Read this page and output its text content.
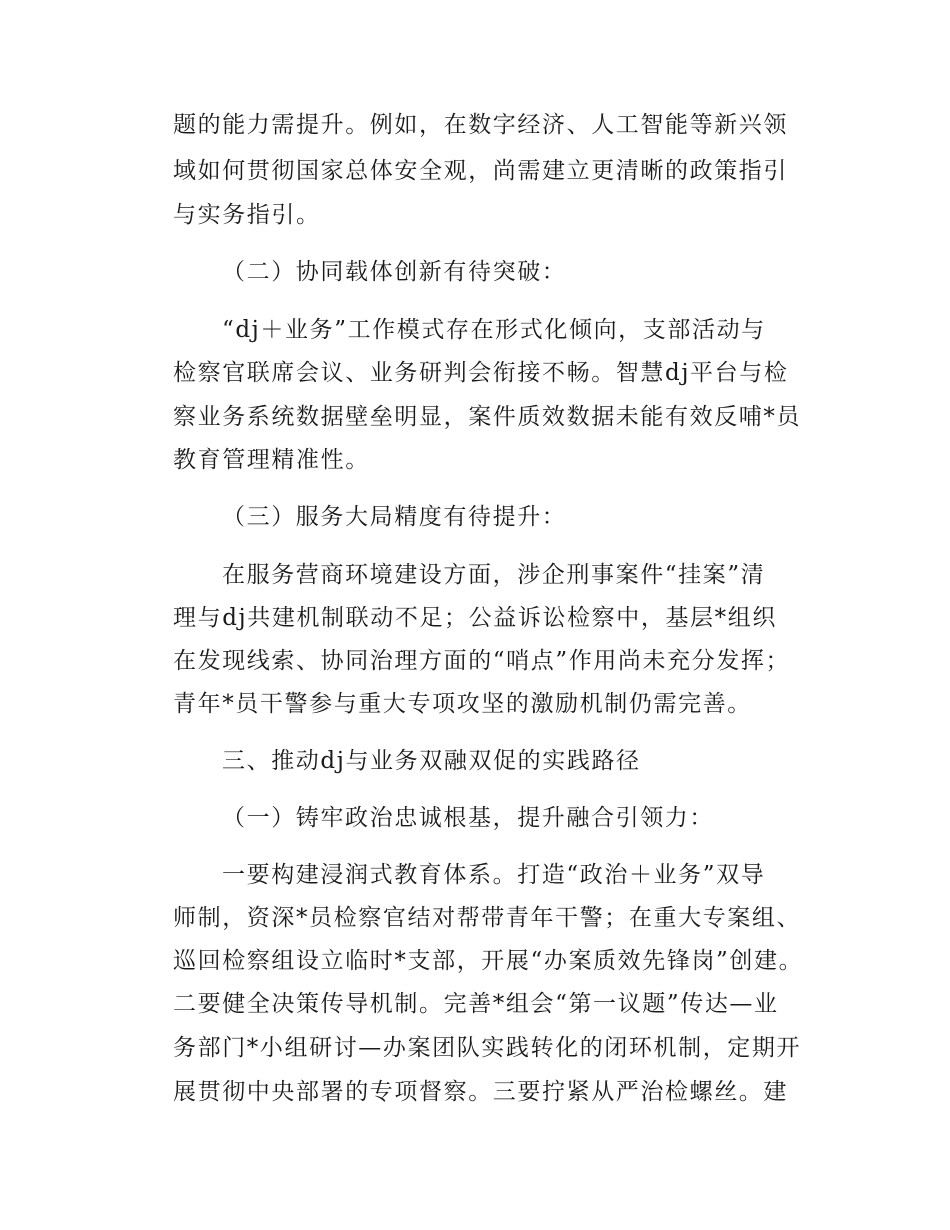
题的能力需提升。例如，在数字经济、人工智能等新兴领
域如何贯彻国家总体安全观，尚需建立更清晰的政策指引
与实务指引。
（二）协同载体创新有待突破：
“dj＋业务”工作模式存在形式化倾向，支部活动与
检察官联席会议、业务研判会衔接不畅。智慧dj平台与检
察业务系统数据壁垒明显，案件质效数据未能有效反哺*员
教育管理精准性。
（三）服务大局精度有待提升：
在服务营商环境建设方面，涉企刑事案件“挂案”清
理与dj共建机制联动不足；公益诉讼检察中，基层*组织
在发现线索、协同治理方面的“哨点”作用尚未充分发挥；
青年*员干警参与重大专项攻坚的激励机制仍需完善。
三、推动dj与业务双融双促的实践路径
（一）铸牢政治忠诚根基，提升融合引领力：
一要构建浸润式教育体系。打造“政治＋业务”双导
师制，资深*员检察官结对帮带青年干警；在重大专案组、
巡回检察组设立临时*支部，开展“办案质效先锋岗”创建。
二要健全决策传导机制。完善*组会“第一议题”传达—业
务部门*小组研讨—办案团队实践转化的闭环机制，定期开
展贯彻中央部署的专项督察。三要拧紧从严治检螺丝。建
